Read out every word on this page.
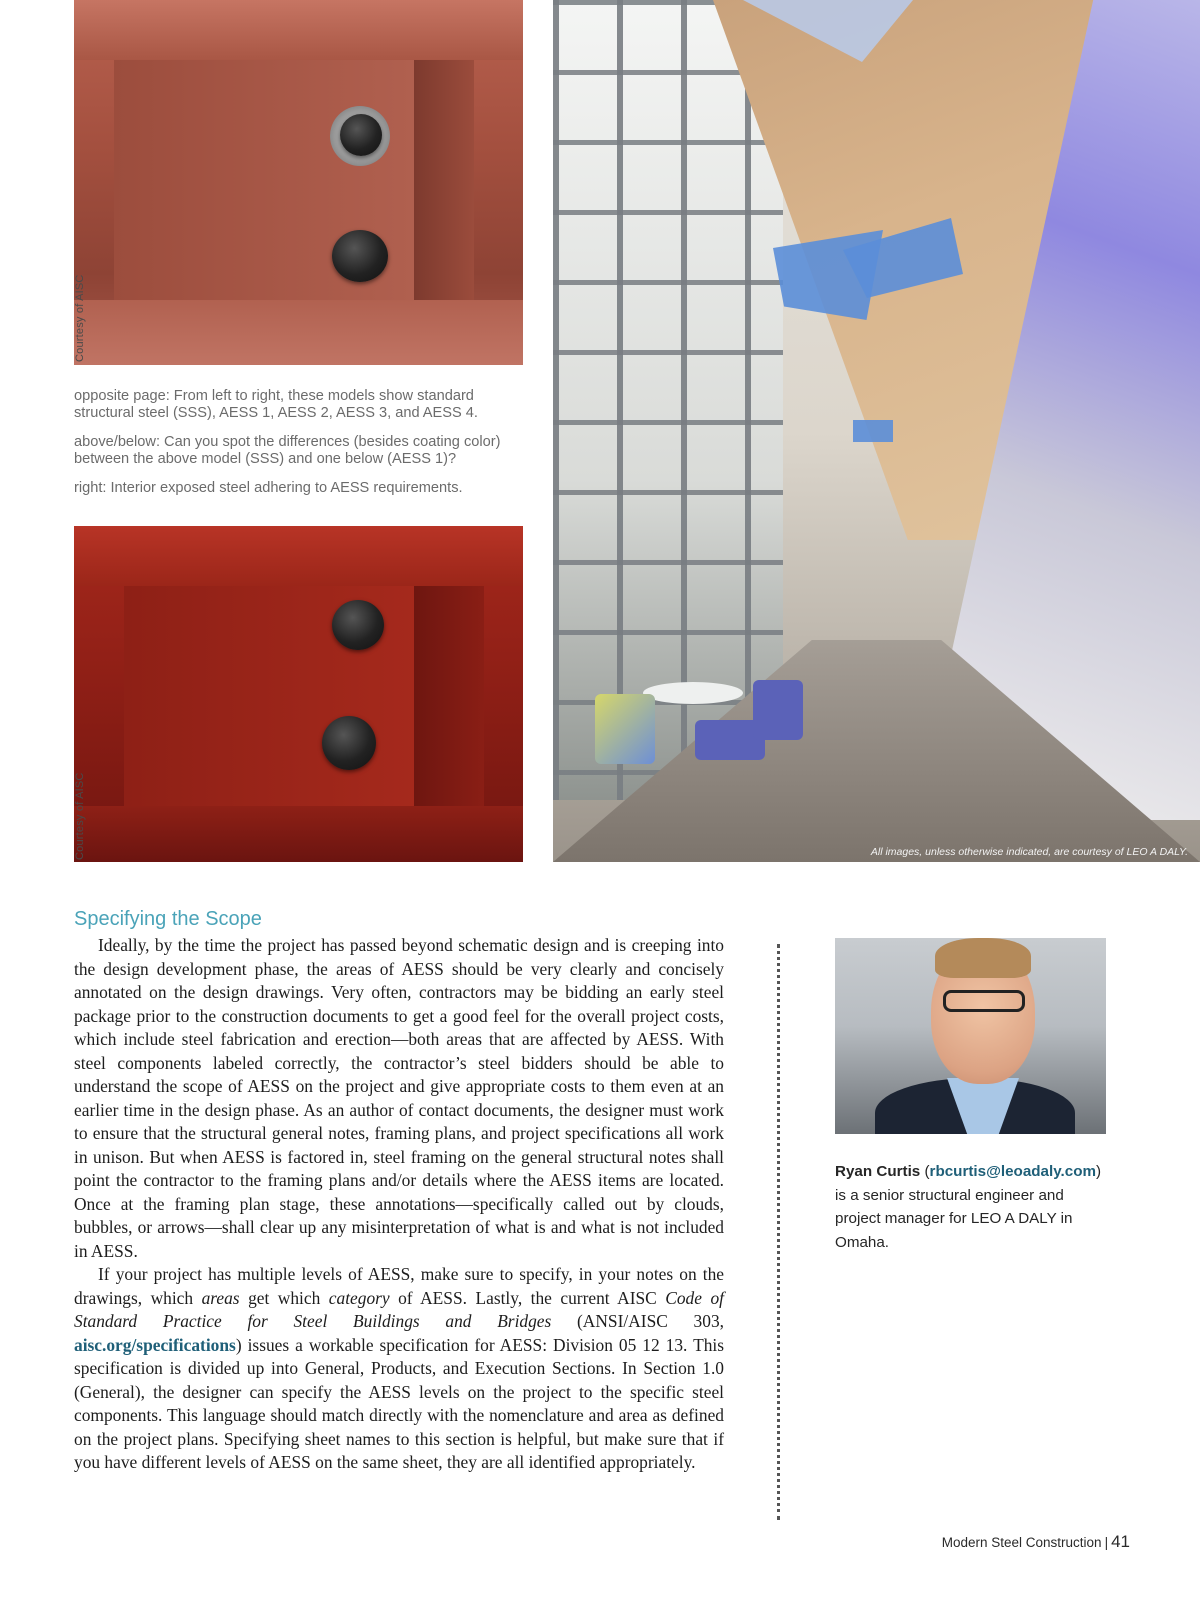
Courtesy of AISC

opposite page: From left to right, these models show standard structural steel (SSS), AESS 1, AESS 2, AESS 3, and AESS 4.

above/below: Can you spot the differences (besides coating color) between the above model (SSS) and one below (AESS 1)?

right: Interior exposed steel adhering to AESS requirements.

Courtesy of AISC	All images, unless otherwise indicated, are courtesy of LEO A DALY.
Specifying the Scope

Ideally, by the time the project has passed beyond schematic design and is creeping into the design development phase, the areas of AESS should be very clearly and concisely annotated on the design drawings. Very often, contractors may be bidding an early steel package prior to the construction documents to get a good feel for the overall project costs, which include steel fabrication and erection—both areas that are affected by AESS. With steel components labeled correctly, the contractor’s steel bidders should be able to understand the scope of AESS on the project and give appropriate costs to them even at an earlier time in the design phase. As an author of contact documents, the designer must work to ensure that the structural general notes, framing plans, and project specifications all work in unison. But when AESS is factored in, steel framing on the general structural notes shall point the contractor to the framing plans and/or details where the AESS items are located. Once at the framing plan stage, these annotations—specifically called out by clouds, bubbles, or arrows—shall clear up any misinterpretation of what is and what is not included in AESS.

If your project has multiple levels of AESS, make sure to specify, in your notes on the drawings, which areas get which category of AESS. Lastly, the current AISC Code of Standard Practice for Steel Buildings and Bridges (ANSI/AISC 303, aisc.org/specifications) issues a workable specification for AESS: Division 05 12 13. This specification is divided up into General, Products, and Execution Sections. In Section 1.0 (General), the designer can specify the AESS levels on the project to the specific steel components. This language should match directly with the nomenclature and area as defined on the project plans. Specifying sheet names to this section is helpful, but make sure that if you have different levels of AESS on the same sheet, they are all identified appropriately.

Ryan Curtis (rbcurtis@leoadaly.com)
is a senior structural engineer and project manager for LEO A DALY in Omaha.
Modern Steel Construction | 41
